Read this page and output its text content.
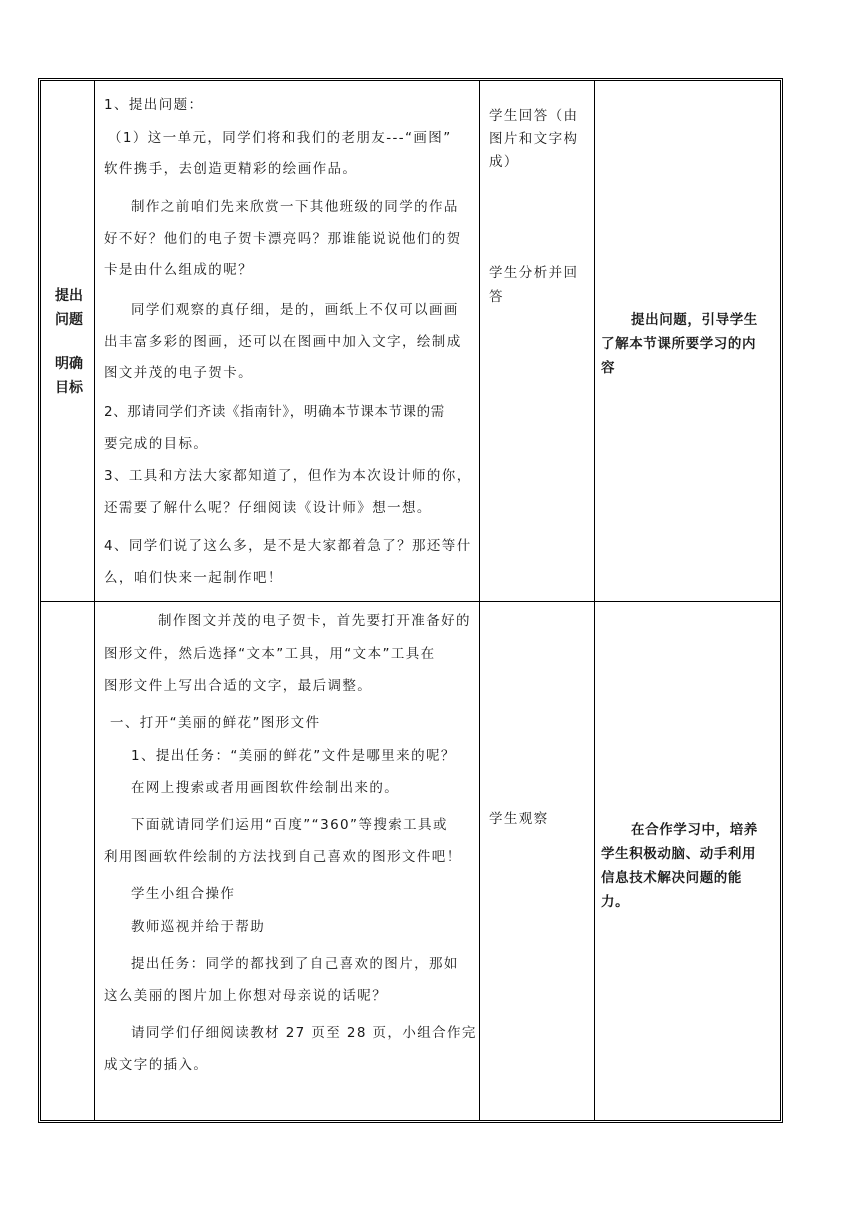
提出问题

明确目标

1、提出问题：

（1）这一单元，同学们将和我们的老朋友---“画图”

软件携手，去创造更精彩的绘画作品。

制作之前咱们先来欣赏一下其他班级的同学的作品

好不好？他们的电子贺卡漂亮吗？那谁能说说他们的贺

卡是由什么组成的呢？

同学们观察的真仔细，是的，画纸上不仅可以画画

出丰富多彩的图画，还可以在图画中加入文字，绘制成

图文并茂的电子贺卡。

2、那请同学们齐读《指南针》，明确本节课本节课的需

要完成的目标。

3、工具和方法大家都知道了，但作为本次设计师的你，

还需要了解什么呢？仔细阅读《设计师》想一想。

4、同学们说了这么多，是不是大家都着急了？那还等什

么，咱们快来一起制作吧！

学生回答（由

图片和文字构

成）

学生分析并回

答

提出问题，引导学生

了解本节课所要学习的内

容

制作图文并茂的电子贺卡，首先要打开准备好的

图形文件，然后选择“文本”工具，用“文本”工具在

图形文件上写出合适的文字，最后调整。

一、打开“美丽的鲜花”图形文件

1、提出任务：“美丽的鲜花”文件是哪里来的呢？

在网上搜索或者用画图软件绘制出来的。

下面就请同学们运用“百度”“360”等搜索工具或

利用图画软件绘制的方法找到自己喜欢的图形文件吧！

学生小组合操作

教师巡视并给于帮助

提出任务：同学的都找到了自己喜欢的图片，那如

这么美丽的图片加上你想对母亲说的话呢？

请同学们仔细阅读教材 27 页至 28 页，小组合作完

成文字的插入。

学生观察

在合作学习中，培养

学生积极动脑、动手利用

信息技术解决问题的能

力。
